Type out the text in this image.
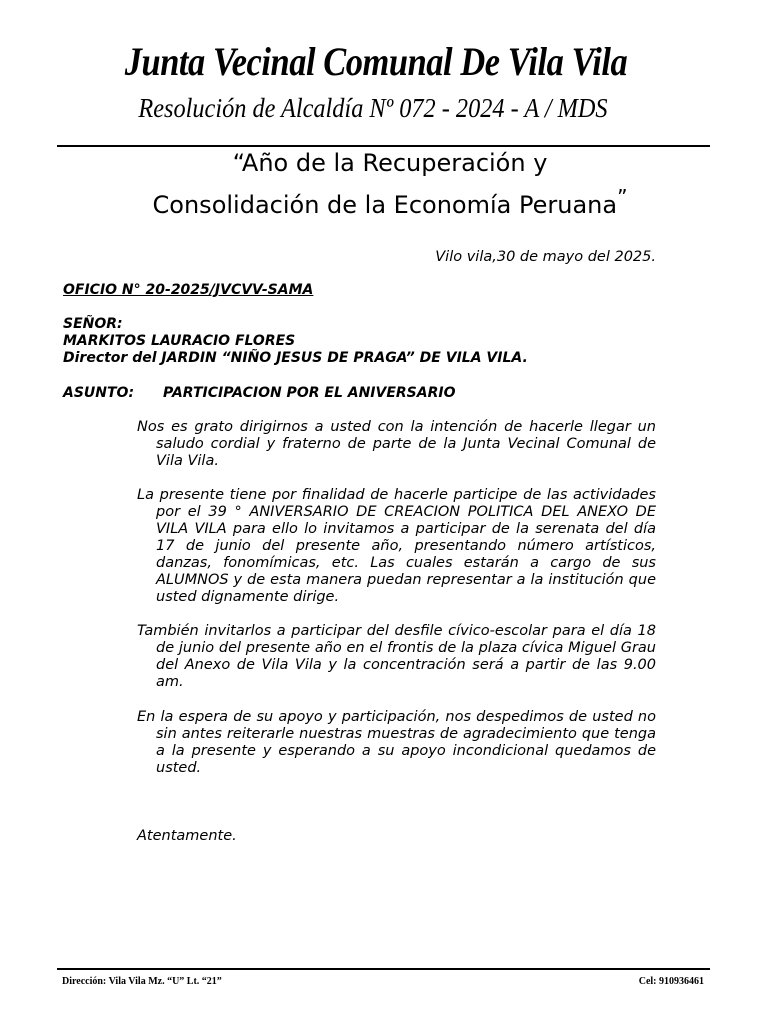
Junta Vecinal Comunal De Vila Vila
Resolución de Alcaldía Nº 072 - 2024 - A / MDS
“Año de la Recuperación y
Consolidación de la Economía Peruana”
Vilo vila,30 de mayo del 2025.
OFICIO N° 20-2025/JVCVV-SAMA
SEÑOR:
MARKITOS LAURACIO FLORES
Director del JARDIN “NIÑO JESUS DE PRAGA” DE VILA VILA.
ASUNTO: PARTICIPACION POR EL ANIVERSARIO
Nos es grato dirigirnos a usted con la intención de hacerle llegar un saludo cordial y fraterno de parte de la Junta Vecinal Comunal de Vila Vila.
La presente tiene por finalidad de hacerle participe de las actividades por el 39 ° ANIVERSARIO DE CREACION POLITICA DEL ANEXO DE VILA VILA para ello lo invitamos a participar de la serenata del día 17 de junio del presente año, presentando número artísticos, danzas, fonomímicas, etc. Las cuales estarán a cargo de sus ALUMNOS y de esta manera puedan representar a la institución que usted dignamente dirige.
También invitarlos a participar del desfile cívico-escolar para el día 18 de junio del presente año en el frontis de la plaza cívica Miguel Grau del Anexo de Vila Vila y la concentración será a partir de las 9.00 am.
En la espera de su apoyo y participación, nos despedimos de usted no sin antes reiterarle nuestras muestras de agradecimiento que tenga a la presente y esperando a su apoyo incondicional quedamos de usted.
Atentamente.
Dirección: Vila Vila Mz. “U” Lt. “21”	Cel: 910936461
